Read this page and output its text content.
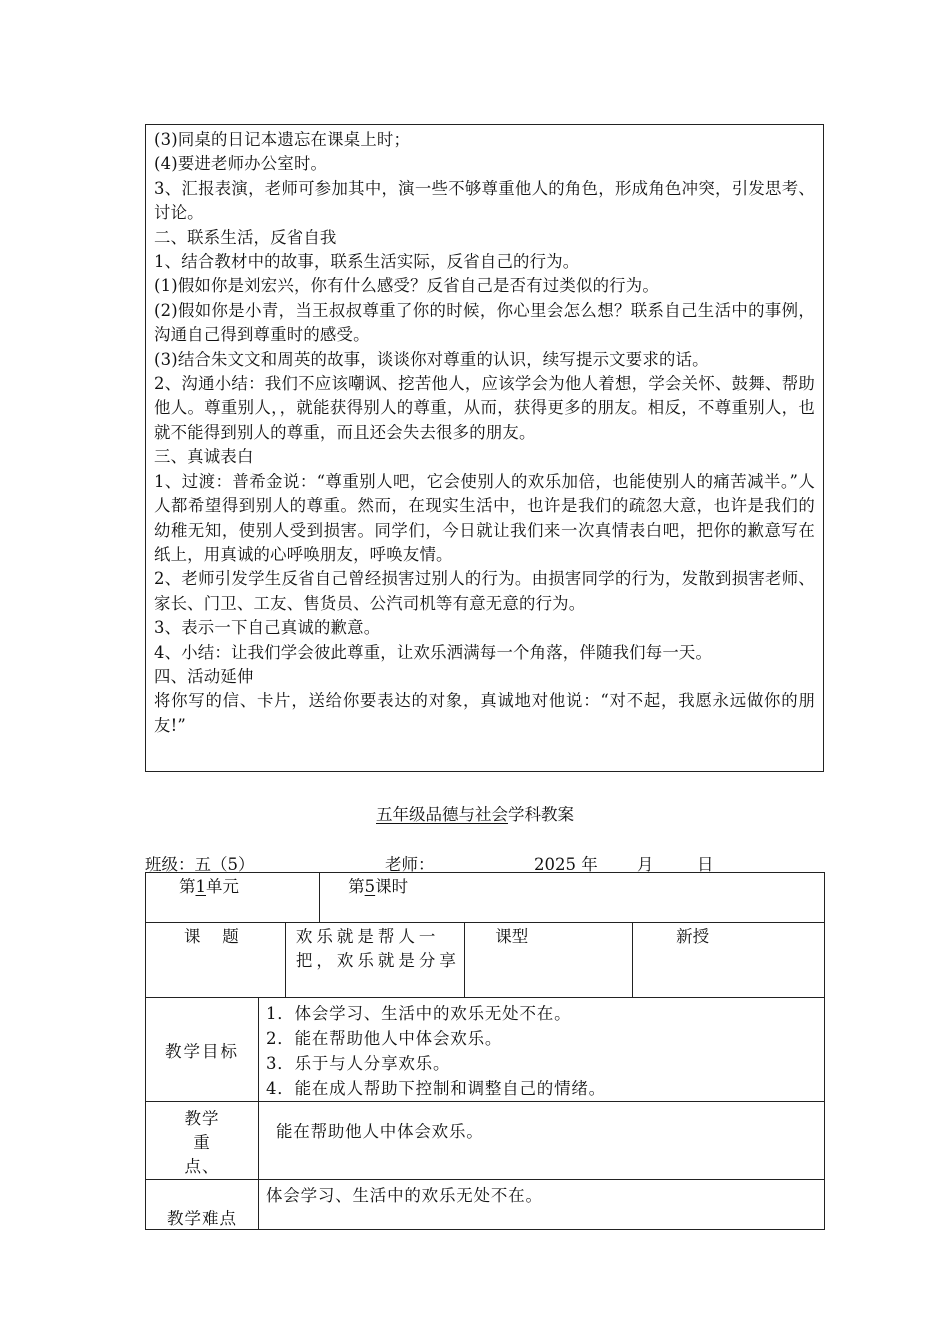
(3)同桌的日记本遗忘在课桌上时；

(4)要进老师办公室时。

3、汇报表演，老师可参加其中，演一些不够尊重他人的角色，形成角色冲突，引发思考、讨论。

二、联系生活，反省自我

1、结合教材中的故事，联系生活实际，反省自己的行为。

(1)假如你是刘宏兴，你有什么感受？反省自己是否有过类似的行为。

(2)假如你是小青，当王叔叔尊重了你的时候，你心里会怎么想？联系自己生活中的事例，沟通自己得到尊重时的感受。

(3)结合朱文文和周英的故事，谈谈你对尊重的认识，续写提示文要求的话。

2、沟通小结：我们不应该嘲讽、挖苦他人，应该学会为他人着想，学会关怀、鼓舞、帮助他人。尊重别人，，就能获得别人的尊重，从而，获得更多的朋友。相反，不尊重别人，也就不能得到别人的尊重，而且还会失去很多的朋友。

三、真诚表白

1、过渡：普希金说：“尊重别人吧，它会使别人的欢乐加倍，也能使别人的痛苦减半。”人人都希望得到别人的尊重。然而，在现实生活中，也许是我们的疏忽大意，也许是我们的幼稚无知，使别人受到损害。同学们，今日就让我们来一次真情表白吧，把你的歉意写在纸上，用真诚的心呼唤朋友，呼唤友情。

2、老师引发学生反省自己曾经损害过别人的行为。由损害同学的行为，发散到损害老师、家长、门卫、工友、售货员、公汽司机等有意无意的行为。

3、表示一下自己真诚的歉意。

4、小结：让我们学会彼此尊重，让欢乐洒满每一个角落，伴随我们每一天。

四、活动延伸

将你写的信、卡片，送给你要表达的对象，真诚地对他说：“对不起，我愿永远做你的朋友!”

五年级品德与社会学科教案
班级：五（5）	老师：	2025 年 月	日
第1单元			第5课时		
课　 题		欢乐就是帮人一把，欢乐就是分享		课型	新授
教学目标	1．体会学习、生活中的欢乐无处不在。
2．能在帮助他人中体会欢乐。
3．乐于与人分享欢乐。
4．能在成人帮助下控制和调整自己的情绪。				

教学重点、	能在帮助他人中体会欢乐。				
教学难点	体会学习、生活中的欢乐无处不在。				
